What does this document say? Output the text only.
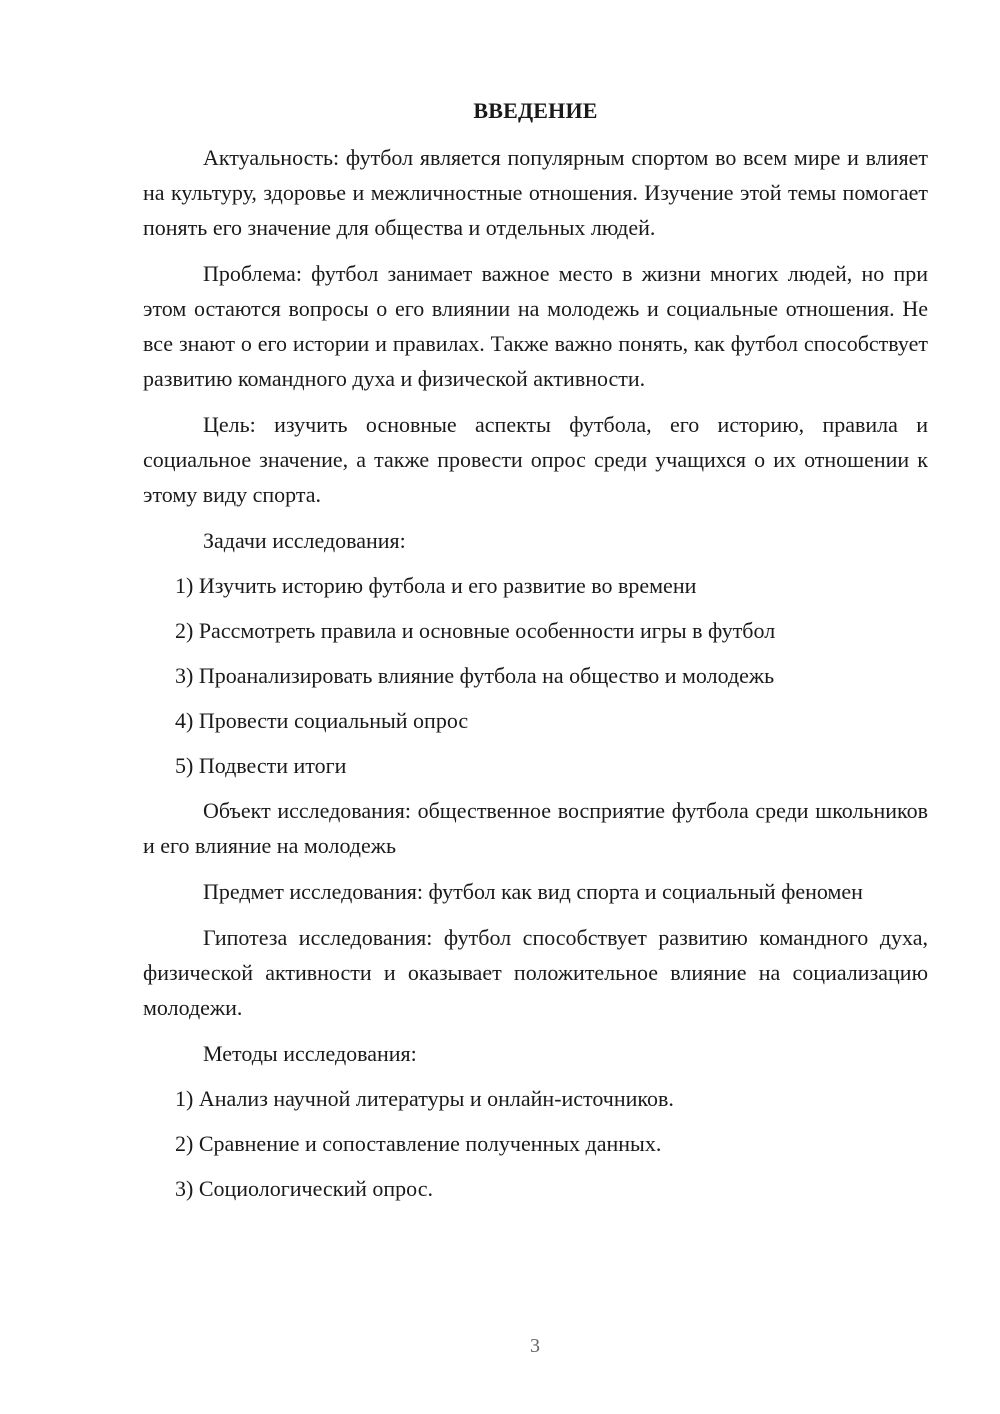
ВВЕДЕНИЕ

Актуальность: футбол является популярным спортом во всем мире и влияет на культуру, здоровье и межличностные отношения. Изучение этой темы помогает понять его значение для общества и отдельных людей.

Проблема: футбол занимает важное место в жизни многих людей, но при этом остаются вопросы о его влиянии на молодежь и социальные отношения. Не все знают о его истории и правилах. Также важно понять, как футбол способствует развитию командного духа и физической активности.

Цель: изучить основные аспекты футбола, его историю, правила и социальное значение, а также провести опрос среди учащихся о их отношении к этому виду спорта.

Задачи исследования:

1) Изучить историю футбола и его развитие во времени

2) Рассмотреть правила и основные особенности игры в футбол

3) Проанализировать влияние футбола на общество и молодежь

4) Провести социальный опрос

5) Подвести итоги

Объект исследования: общественное восприятие футбола среди школьников и его влияние на молодежь

Предмет исследования: футбол как вид спорта и социальный феномен

Гипотеза исследования: футбол способствует развитию командного духа, физической активности и оказывает положительное влияние на социализацию молодежи.

Методы исследования:

1) Анализ научной литературы и онлайн-источников.

2) Сравнение и сопоставление полученных данных.

3) Социологический опрос.

3
